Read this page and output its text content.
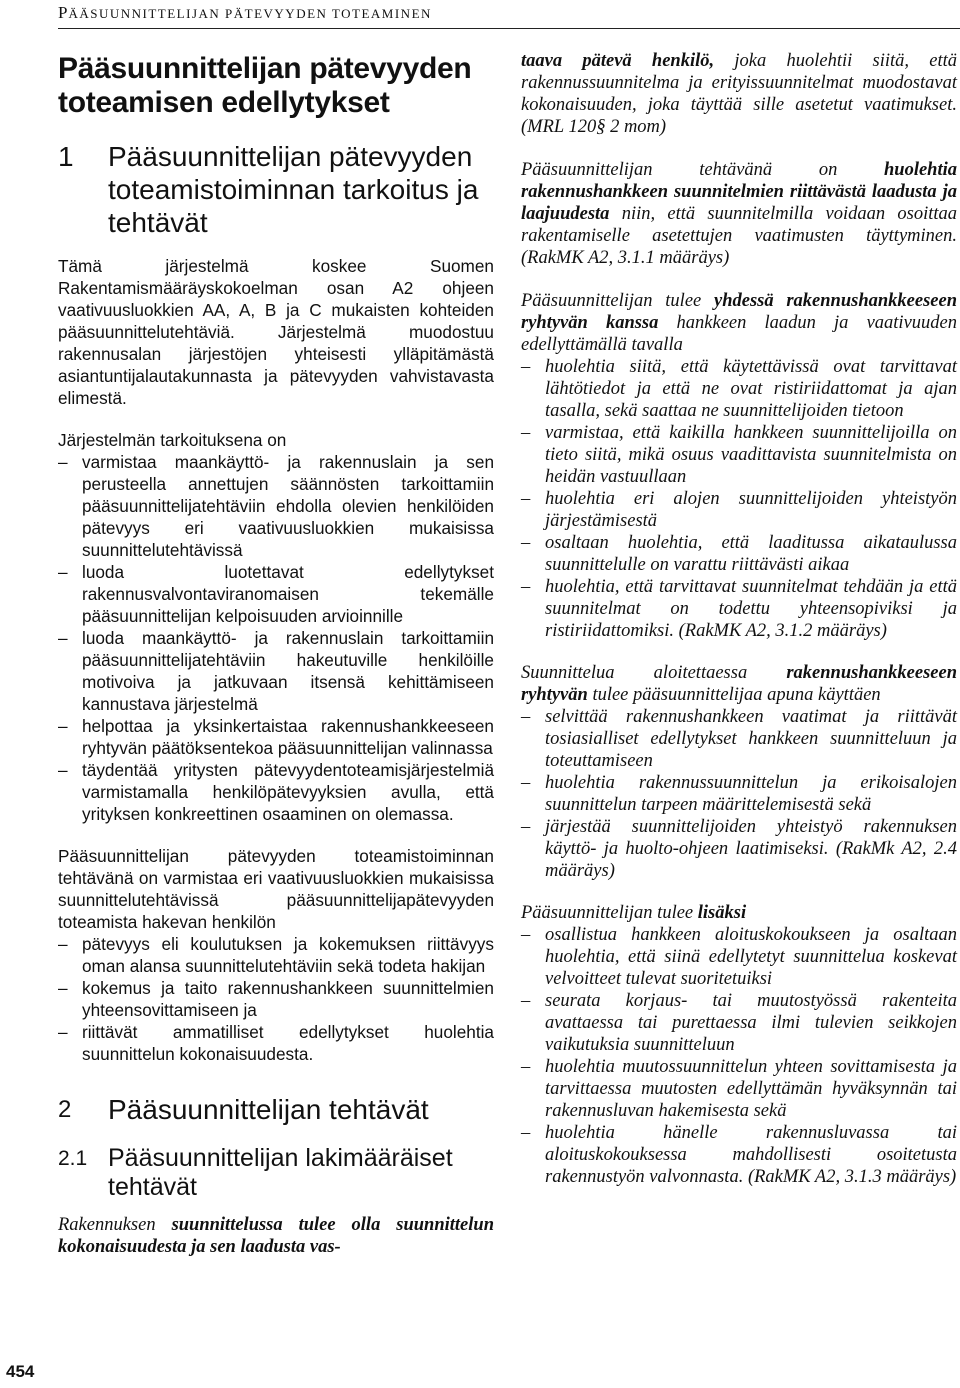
PÄÄSUUNNITTELIJAN PÄTEVYYDEN TOTEAMINEN
454
Pääsuunnittelijan pätevyyden toteamisen edellytykset
1	Pääsuunnittelijan pätevyyden toteamistoiminnan tarkoitus ja tehtävät

Tämä järjestelmä koskee Suomen Rakentamismääräyskokoelman osan A2 ohjeen vaativuusluokkien AA, A, B ja C mukaisten kohteiden pääsuunnittelutehtäviä. Järjestelmä muodostuu rakennusalan järjestöjen yhteisesti ylläpitämästä asiantuntijalautakunnasta ja pätevyyden vahvistavasta elimestä.

Järjestelmän tarkoituksena on

– varmistaa maankäyttö- ja rakennuslain ja sen perusteella annettujen säännösten tarkoittamiin pääsuunnittelijatehtäviin ehdolla olevien henkilöiden pätevyys eri vaativuusluokkien mukaisissa suunnittelutehtävissä
– luoda luotettavat edellytykset rakennusvalvontaviranomaisen tekemälle pääsuunnittelijan kelpoisuuden arvioinnille
– luoda maankäyttö- ja rakennuslain tarkoittamiin pääsuunnittelijatehtäviin hakeutuville henkilöille motivoiva ja jatkuvaan itsensä kehittämiseen kannustava järjestelmä
– helpottaa ja yksinkertaistaa rakennushankkeeseen ryhtyvän päätöksentekoa pääsuunnittelijan valinnassa
– täydentää yritysten pätevyydentoteamisjärjestelmiä varmistamalla henkilöpätevyyksien avulla, että yrityksen konkreettinen osaaminen on olemassa.

Pääsuunnittelijan pätevyyden toteamistoiminnan tehtävänä on varmistaa eri vaativuusluokkien mukaisissa suunnittelutehtävissä pääsuunnittelijapätevyyden toteamista hakevan henkilön

– pätevyys eli koulutuksen ja kokemuksen riittävyys oman alansa suunnittelutehtäviin sekä todeta hakijan
– kokemus ja taito rakennushankkeen suunnittelmien yhteensovittamiseen ja
– riittävät ammatilliset edellytykset huolehtia suunnittelun kokonaisuudesta.
2	Pääsuunnittelijan tehtävät
2.1 Pääsuunnittelijan lakimääräiset tehtävät
Rakennuksen suunnittelussa tulee olla suunnittelun kokonaisuudesta ja sen laadusta vas-

taava pätevä henkilö, joka huolehtii siitä, että rakennussuunnitelma ja erityissuunnitelmat muodostavat kokonaisuuden, joka täyttää sille asetetut vaatimukset. (MRL 120§ 2 mom)

Pääsuunnittelijan tehtävänä on huolehtia rakennushankkeen suunnitelmien riittävästä laadusta ja laajuudesta niin, että suunnitelmilla voidaan osoittaa rakentamiselle asetettujen vaatimusten täyttyminen. (RakMK A2, 3.1.1 määräys)

Pääsuunnittelijan tulee yhdessä rakennushankkeeseen ryhtyvän kanssa hankkeen laadun ja vaativuuden edellyttämällä tavalla

– huolehtia siitä, että käytettävissä ovat tarvittavat lähtötiedot ja että ne ovat ristiriidattomat ja ajan tasalla, sekä saattaa ne suunnittelijoiden tietoon
– varmistaa, että kaikilla hankkeen suunnittelijoilla on tieto siitä, mikä osuus vaadittavista suunnitelmista on heidän vastuullaan
– huolehtia eri alojen suunnittelijoiden yhteistyön järjestämisestä
– osaltaan huolehtia, että laaditussa aikataulussa suunnittelulle on varattu riittävästi aikaa
– huolehtia, että tarvittavat suunnitelmat tehdään ja että suunnitelmat on todettu yhteensopiviksi ja ristiriidattomiksi. (RakMK A2, 3.1.2 määräys)

Suunnittelua aloitettaessa rakennushankkeeseen ryhtyvän tulee pääsuunnittelijaa apuna käyttäen

– selvittää rakennushankkeen vaatimat ja riittävät tosiasialliset edellytykset hankkeen suunnitteluun ja toteuttamiseen
– huolehtia rakennussuunnittelun ja erikoisalojen suunnittelun tarpeen määrittelemisestä sekä
– järjestää suunnittelijoiden yhteistyö rakennuksen käyttö- ja huolto-ohjeen laatimiseksi. (RakMk A2, 2.4 määräys)

Pääsuunnittelijan tulee lisäksi

– osallistua hankkeen aloituskokoukseen ja osaltaan huolehtia, että siinä edellytetyt suunnittelua koskevat velvoitteet tulevat suoritetuiksi
– seurata korjaus- tai muutostyössä rakenteita avattaessa tai purettaessa ilmi tulevien seikkojen vaikutuksia suunnitteluun
– huolehtia muutossuunnittelun yhteen sovittamisesta ja tarvittaessa muutosten edellyttämän hyväksynnän tai rakennusluvan hakemisesta sekä
– huolehtia hänelle rakennusluvassa tai aloituskokouksessa mahdollisesti osoitetusta rakennustyön valvonnasta. (RakMK A2, 3.1.3 määräys)
